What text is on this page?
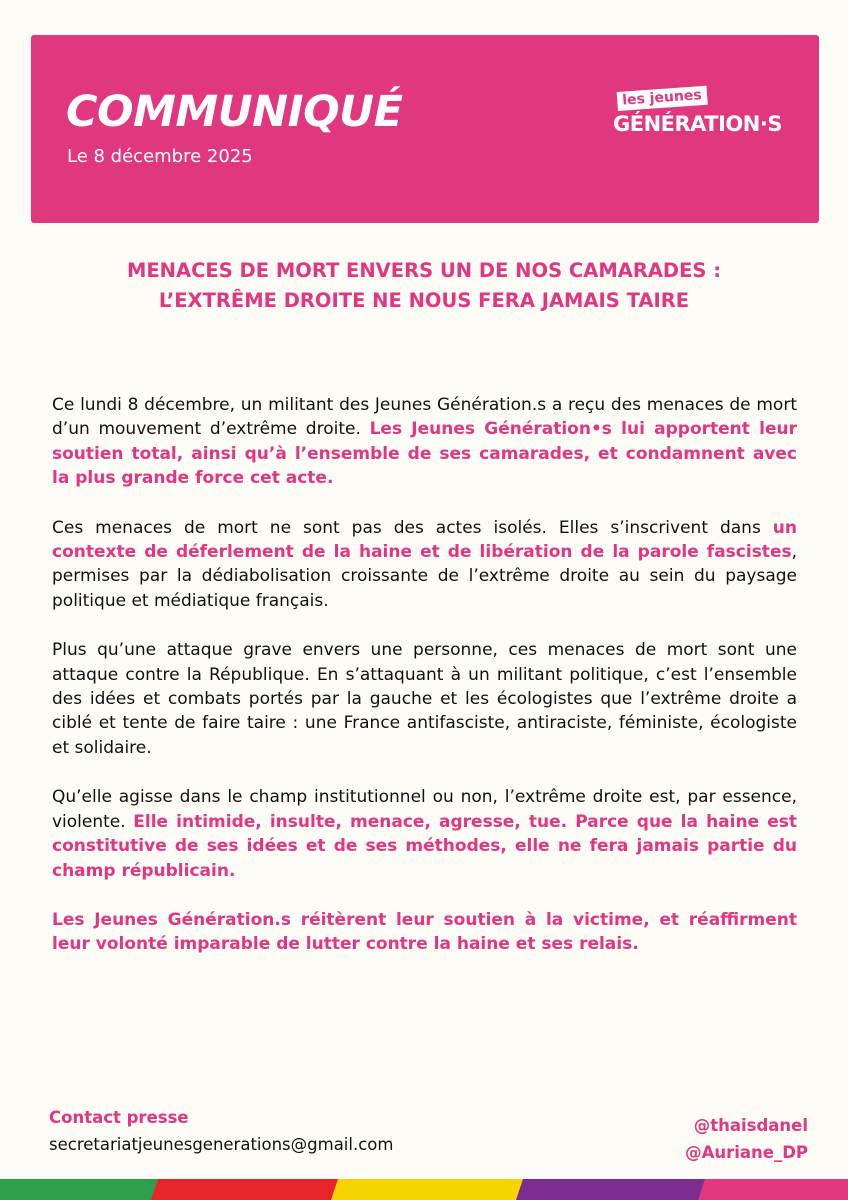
COMMUNIQUÉ
Le 8 décembre 2025
les jeunes
GÉNÉRATION·S
MENACES DE MORT ENVERS UN DE NOS CAMARADES :
L’EXTRÊME DROITE NE NOUS FERA JAMAIS TAIRE

Ce lundi 8 décembre, un militant des Jeunes Génération.s a reçu des menaces de mort d’un mouvement d’extrême droite. Les Jeunes Génération•s lui apportent leur soutien total, ainsi qu’à l’ensemble de ses camarades, et condamnent avec la plus grande force cet acte.

Ces menaces de mort ne sont pas des actes isolés. Elles s’inscrivent dans un contexte de déferlement de la haine et de libération de la parole fascistes, permises par la dédiabolisation croissante de l’extrême droite au sein du paysage politique et médiatique français.

Plus qu’une attaque grave envers une personne, ces menaces de mort sont une attaque contre la République. En s’attaquant à un militant politique, c’est l’ensemble des idées et combats portés par la gauche et les écologistes que l’extrême droite a ciblé et tente de faire taire : une France antifasciste, antiraciste, féministe, écologiste et solidaire.

Qu’elle agisse dans le champ institutionnel ou non, l’extrême droite est, par essence, violente. Elle intimide, insulte, menace, agresse, tue. Parce que la haine est constitutive de ses idées et de ses méthodes, elle ne fera jamais partie du champ républicain.

Les Jeunes Génération.s réitèrent leur soutien à la victime, et réaffirment leur volonté imparable de lutter contre la haine et ses relais.

Contact presse
secretariatjeunesgenerations@gmail.com
@thaisdanel
@Auriane_DP
